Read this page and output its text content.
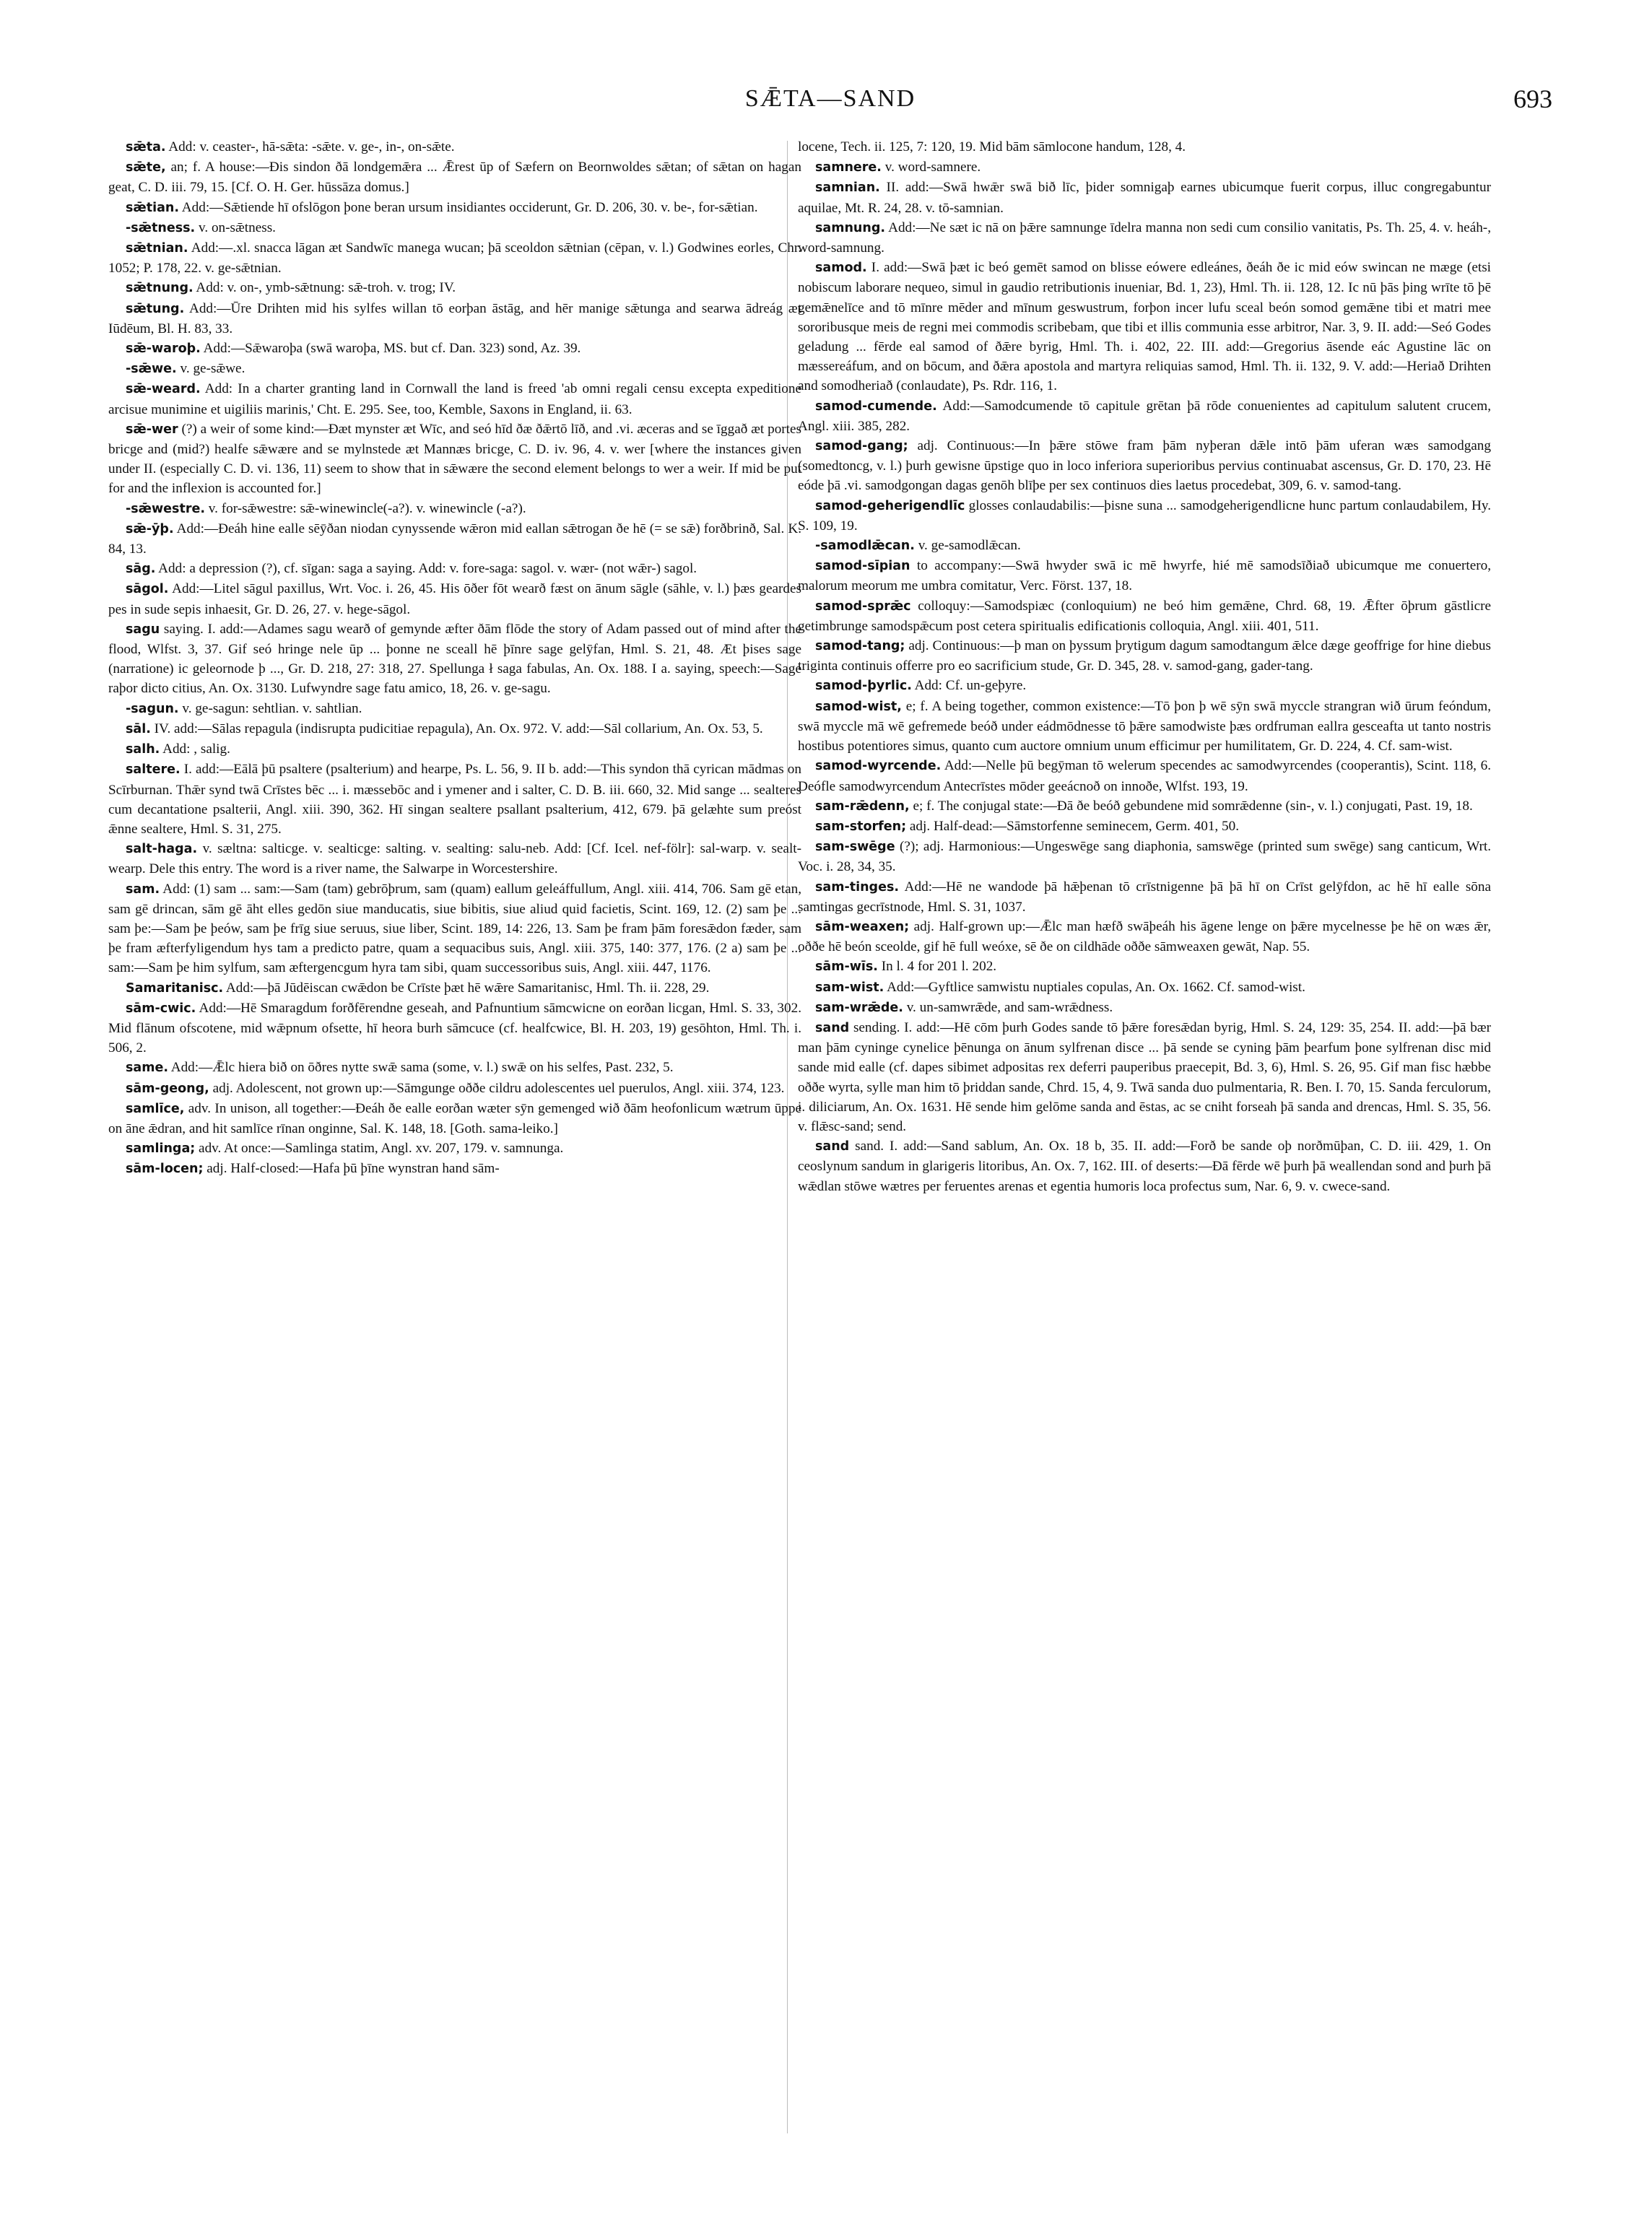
SǢTA—SAND	693

sǣta. Add: v. ceaster-, hā-sǣta: -sǣte. v. ge-, in-, on-sǣte.

sǣte, an; f. A house:—Ðis sindon ðā londgemǣra ... Ǣrest ūp of Sæfern on Beornwoldes sǣtan; of sǣtan on hagan geat, C. D. iii. 79, 15. [Cf. O. H. Ger. hūssāza domus.]

sǣtian. Add:—Sǣtiende hī ofslōgon þone beran ursum insidiantes occiderunt, Gr. D. 206, 30. v. be-, for-sǣtian.

-sǣtness. v. on-sǣtness.

sǣtnian. Add:—.xl. snacca lāgan æt Sandwīc manega wucan; þā sceoldon sǣtnian (cēpan, v. l.) Godwines eorles, Chr. 1052; P. 178, 22. v. ge-sǣtnian.

sǣtnung. Add: v. on-, ymb-sǣtnung: sǣ-troh. v. trog; IV.

sǣtung. Add:—Ūre Drihten mid his sylfes willan tō eorþan āstāg, and hēr manige sǣtunga and searwa ādreág æt Iūdēum, Bl. H. 83, 33.

sǣ-waroþ. Add:—Sǣwaroþa (swā waroþa, MS. but cf. Dan. 323) sond, Az. 39.

-sǣwe. v. ge-sǣwe.

sǣ-weard. Add: In a charter granting land in Cornwall the land is freed 'ab omni regali censu excepta expeditione arcisue munimine et uigiliis marinis,' Cht. E. 295. See, too, Kemble, Saxons in England, ii. 63.

sǣ-wer (?) a weir of some kind:—Ðæt mynster æt Wīc, and seó hīd ðæ ðǣrtō līð, and .vi. æceras and se īggað æt portes bricge and (mid?) healfe sǣwære and se mylnstede æt Mannæs bricge, C. D. iv. 96, 4. v. wer [where the instances given under II. (especially C. D. vi. 136, 11) seem to show that in sǣwære the second element belongs to wer a weir. If mid be put for and the inflexion is accounted for.]

-sǣwestre. v. for-sǣwestre: sǣ-winewincle(-a?). v. winewincle (-a?).

sǣ-ȳþ. Add:—Ðeáh hine ealle sēȳðan niodan cynyssende wǣron mid eallan sǣtrogan ðe hē (= se sǣ) forðbrinð, Sal. K. 84, 13.

sāg. Add: a depression (?), cf. sīgan: saga a saying. Add: v. fore-saga: sagol. v. wær- (not wǣr-) sagol.

sāgol. Add:—Litel sāgul paxillus, Wrt. Voc. i. 26, 45. His ōðer fōt wearð fæst on ānum sāgle (sāhle, v. l.) þæs geardes pes in sude sepis inhaesit, Gr. D. 26, 27. v. hege-sāgol.

sagu saying. I. add:—Adames sagu wearð of gemynde æfter ðām flōde the story of Adam passed out of mind after the flood, Wlfst. 3, 37. Gif seó hringe nele ūp ... þonne ne sceall hē þīnre sage gelȳfan, Hml. S. 21, 48. Æt þises sage (narratione) ic geleornode þ ..., Gr. D. 218, 27: 318, 27. Spellunga ł saga fabulas, An. Ox. 188. I a. saying, speech:—Sage raþor dicto citius, An. Ox. 3130. Lufwyndre sage fatu amico, 18, 26. v. ge-sagu.

-sagun. v. ge-sagun: sehtlian. v. sahtlian.

sāl. IV. add:—Sālas repagula (indisrupta pudicitiae repagula), An. Ox. 972. V. add:—Sāl collarium, An. Ox. 53, 5.

salh. Add: , salig.

saltere. I. add:—Eālā þū psaltere (psalterium) and hearpe, Ps. L. 56, 9. II b. add:—This syndon thā cyrican mādmas on Scīrburnan. Thǣr synd twā Crīstes bēc ... i. mæssebōc and i ymener and i salter, C. D. B. iii. 660, 32. Mid sange ... sealteres cum decantatione psalterii, Angl. xiii. 390, 362. Hī singan sealtere psallant psalterium, 412, 679. þā gelæhte sum preóst ǣnne sealtere, Hml. S. 31, 275.

salt-haga. v. sæltna: salticge. v. sealticge: salting. v. sealting: salu-neb. Add: [Cf. Icel. nef-fölr]: sal-warp. v. sealt-wearp. Dele this entry. The word is a river name, the Salwarpe in Worcestershire.

sam. Add: (1) sam ... sam:—Sam (tam) gebrōþrum, sam (quam) eallum geleáffullum, Angl. xiii. 414, 706. Sam gē etan, sam gē drincan, sām gē āht elles gedōn siue manducatis, siue bibitis, siue aliud quid facietis, Scint. 169, 12. (2) sam þe ... sam þe:—Sam þe þeów, sam þe frīg siue seruus, siue liber, Scint. 189, 14: 226, 13. Sam þe fram þām foresǣdon fæder, sam þe fram æfterfyligendum hys tam a predicto patre, quam a sequacibus suis, Angl. xiii. 375, 140: 377, 176. (2 a) sam þe ... sam:—Sam þe him sylfum, sam æftergencgum hyra tam sibi, quam successoribus suis, Angl. xiii. 447, 1176.

Samaritanisc. Add:—þā Jūdēiscan cwǣdon be Crīste þæt hē wǣre Samaritanisc, Hml. Th. ii. 228, 29.

sām-cwic. Add:—Hē Smaragdum forðfērendne geseah, and Pafnuntium sāmcwicne on eorðan licgan, Hml. S. 33, 302. Mid flānum ofscotene, mid wǣpnum ofsette, hī heora burh sāmcuce (cf. healfcwice, Bl. H. 203, 19) gesōhton, Hml. Th. i. 506, 2.

same. Add:—Ǣlc hiera bið on ōðres nytte swǣ sama (some, v. l.) swǣ on his selfes, Past. 232, 5.

sām-geong, adj. Adolescent, not grown up:—Sāmgunge oððe cildru adolescentes uel puerulos, Angl. xiii. 374, 123.

samlīce, adv. In unison, all together:—Ðeáh ðe ealle eorðan wæter sȳn gemenged wið ðām heofonlicum wætrum ūppe on āne ǣdran, and hit samlīce rīnan onginne, Sal. K. 148, 18. [Goth. sama-leiko.]

samlinga; adv. At once:—Samlinga statim, Angl. xv. 207, 179. v. samnunga.

sām-locen; adj. Half-closed:—Hafa þū þīne wynstran hand sām-

locene, Tech. ii. 125, 7: 120, 19. Mid bām sāmlocone handum, 128, 4.

samnere. v. word-samnere.

samnian. II. add:—Swā hwǣr swā bið līc, þider somnigaþ earnes ubicumque fuerit corpus, illuc congregabuntur aquilae, Mt. R. 24, 28. v. tō-samnian.

samnung. Add:—Ne sæt ic nā on þǣre samnunge īdelra manna non sedi cum consilio vanitatis, Ps. Th. 25, 4. v. heáh-, word-samnung.

samod. I. add:—Swā þæt ic beó gemēt samod on blisse eówere edleánes, ðeáh ðe ic mid eów swincan ne mæge (etsi nobiscum laborare nequeo, simul in gaudio retributionis inueniar, Bd. 1, 23), Hml. Th. ii. 128, 12. Ic nū þās þing wrīte tō þē gemǣnelīce and tō mīnre mēder and mīnum geswustrum, forþon incer lufu sceal beón somod gemǣne tibi et matri mee sororibusque meis de regni mei commodis scribebam, que tibi et illis communia esse arbitror, Nar. 3, 9. II. add:—Seó Godes geladung ... fērde eal samod of ðǣre byrig, Hml. Th. i. 402, 22. III. add:—Gregorius āsende eác Agustine lāc on mæssereáfum, and on bōcum, and ðǣra apostola and martyra reliquias samod, Hml. Th. ii. 132, 9. V. add:—Heriað Drihten and somodheriað (conlaudate), Ps. Rdr. 116, 1.

samod-cumende. Add:—Samodcumende tō capitule grētan þā rōde conuenientes ad capitulum salutent crucem, Angl. xiii. 385, 282.

samod-gang; adj. Continuous:—In þǣre stōwe fram þām nyþeran dǣle intō þām uferan wæs samodgang (somedtoncg, v. l.) þurh gewisne ūpstige quo in loco inferiora superioribus pervius continuabat ascensus, Gr. D. 170, 23. Hē eóde þā .vi. samodgongan dagas genōh blīþe per sex continuos dies laetus procedebat, 309, 6. v. samod-tang.

samod-geherigendlīc glosses conlaudabilis:—þisne suna ... samodgeherigendlicne hunc partum conlaudabilem, Hy. S. 109, 19.

-samodlǣcan. v. ge-samodlǣcan.

samod-sīpian to accompany:—Swā hwyder swā ic mē hwyrfe, hié mē samodsīðiað ubicumque me conuertero, malorum meorum me umbra comitatur, Verc. Först. 137, 18.

samod-sprǣc colloquy:—Samodspiæc (conloquium) ne beó him gemǣne, Chrd. 68, 19. Ǣfter ōþrum gāstlicre getimbrunge samodspǣcum post cetera spiritualis edificationis colloquia, Angl. xiii. 401, 511.

samod-tang; adj. Continuous:—þ man on þyssum þrytigum dagum samodtangum ǣlce dæge geoffrige for hine diebus triginta continuis offerre pro eo sacrificium stude, Gr. D. 345, 28. v. samod-gang, gader-tang.

samod-þyrlic. Add: Cf. un-geþyre.

samod-wist, e; f. A being together, common existence:—Tō þon þ wē sȳn swā myccle strangran wið ūrum feóndum, swā myccle mā wē gefremede beóð under eádmōdnesse tō þǣre samodwiste þæs ordfruman eallra gesceafta ut tanto nostris hostibus potentiores simus, quanto cum auctore omnium unum efficimur per humilitatem, Gr. D. 224, 4. Cf. sam-wist.

samod-wyrcende. Add:—Nelle þū begȳman tō welerum specendes ac samodwyrcendes (cooperantis), Scint. 118, 6. Deófle samodwyrcendum Antecrīstes mōder geeácnoð on innoðe, Wlfst. 193, 19.

sam-rǣdenn, e; f. The conjugal state:—Ðā ðe beóð gebundene mid somrǣdenne (sin-, v. l.) conjugati, Past. 19, 18.

sam-storfen; adj. Half-dead:—Sāmstorfenne seminecem, Germ. 401, 50.

sam-swēge (?); adj. Harmonious:—Ungeswēge sang diaphonia, samswēge (printed sum swēge) sang canticum, Wrt. Voc. i. 28, 34, 35.

sam-tinges. Add:—Hē ne wandode þā hǣþenan tō crīstnigenne þā þā hī on Crīst gelȳfdon, ac hē hī ealle sōna samtingas gecrīstnode, Hml. S. 31, 1037.

sām-weaxen; adj. Half-grown up:—Ǣlc man hæfð swāþeáh his āgene lenge on þǣre mycelnesse þe hē on wæs ǣr, oððe hē beón sceolde, gif hē full weóxe, sē ðe on cildhāde oððe sāmweaxen gewāt, Nap. 55.

sām-wīs. In l. 4 for 201 l. 202.

sam-wist. Add:—Gyftlice samwistu nuptiales copulas, An. Ox. 1662. Cf. samod-wist.

sam-wrǣde. v. un-samwrǣde, and sam-wrǣdness.

sand sending. I. add:—Hē cōm þurh Godes sande tō þǣre foresǣdan byrig, Hml. S. 24, 129: 35, 254. II. add:—þā bær man þām cyninge cynelice þēnunga on ānum sylfrenan disce ... þā sende se cyning þām þearfum þone sylfrenan disc mid sande mid ealle (cf. dapes sibimet adpositas rex deferri pauperibus praecepit, Bd. 3, 6), Hml. S. 26, 95. Gif man fisc hæbbe oððe wyrta, sylle man him tō þriddan sande, Chrd. 15, 4, 9. Twā sanda duo pulmentaria, R. Ben. I. 70, 15. Sanda ferculorum, i. diliciarum, An. Ox. 1631. Hē sende him gelōme sanda and ēstas, ac se cniht forseah þā sanda and drencas, Hml. S. 35, 56. v. flǣsc-sand; send.

sand sand. I. add:—Sand sablum, An. Ox. 18 b, 35. II. add:—Forð be sande oþ norðmūþan, C. D. iii. 429, 1. On ceoslynum sandum in glarigeris litoribus, An. Ox. 7, 162. III. of deserts:—Ðā fērde wē þurh þā weallendan sond and þurh þā wǣdlan stōwe wætres per feruentes arenas et egentia humoris loca profectus sum, Nar. 6, 9. v. cwece-sand.
